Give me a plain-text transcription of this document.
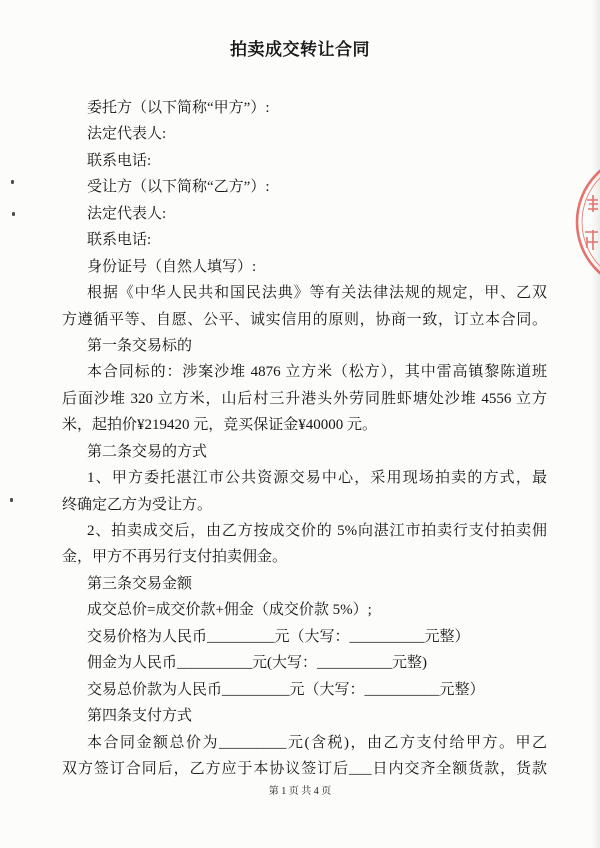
拍卖成交转让合同
委托方（以下简称“甲方”）:
法定代表人:
联系电话:
受让方（以下简称“乙方”）:
法定代表人:
联系电话:
身份证号（自然人填写）:
根据《中华人民共和国民法典》等有关法律法规的规定，甲、乙双
方遵循平等、自愿、公平、诚实信用的原则，协商一致，订立本合同。
第一条交易标的
本合同标的：涉案沙堆 4876 立方米（松方），其中雷高镇黎陈道班
后面沙堆 320 立方米，山后村三升港头外劳同胜虾塘处沙堆 4556 立方
米，起拍价¥219420 元，竞买保证金¥40000 元。
第二条交易的方式
1、甲方委托湛江市公共资源交易中心，采用现场拍卖的方式，最
终确定乙方为受让方。
2、拍卖成交后，由乙方按成交价的 5%向湛江市拍卖行支付拍卖佣
金，甲方不再另行支付拍卖佣金。
第三条交易金额
成交总价=成交价款+佣金（成交价款 5%）;
交易价格为人民币_________元（大写：__________元整）
佣金为人民币__________元(大写：__________元整)
交易总价款为人民币_________元（大写：__________元整）
第四条支付方式
本合同金额总价为_________元(含税)，由乙方支付给甲方。甲乙
双方签订合同后，乙方应于本协议签订后___日内交齐全额货款，货款
第 1 页 共 4 页
